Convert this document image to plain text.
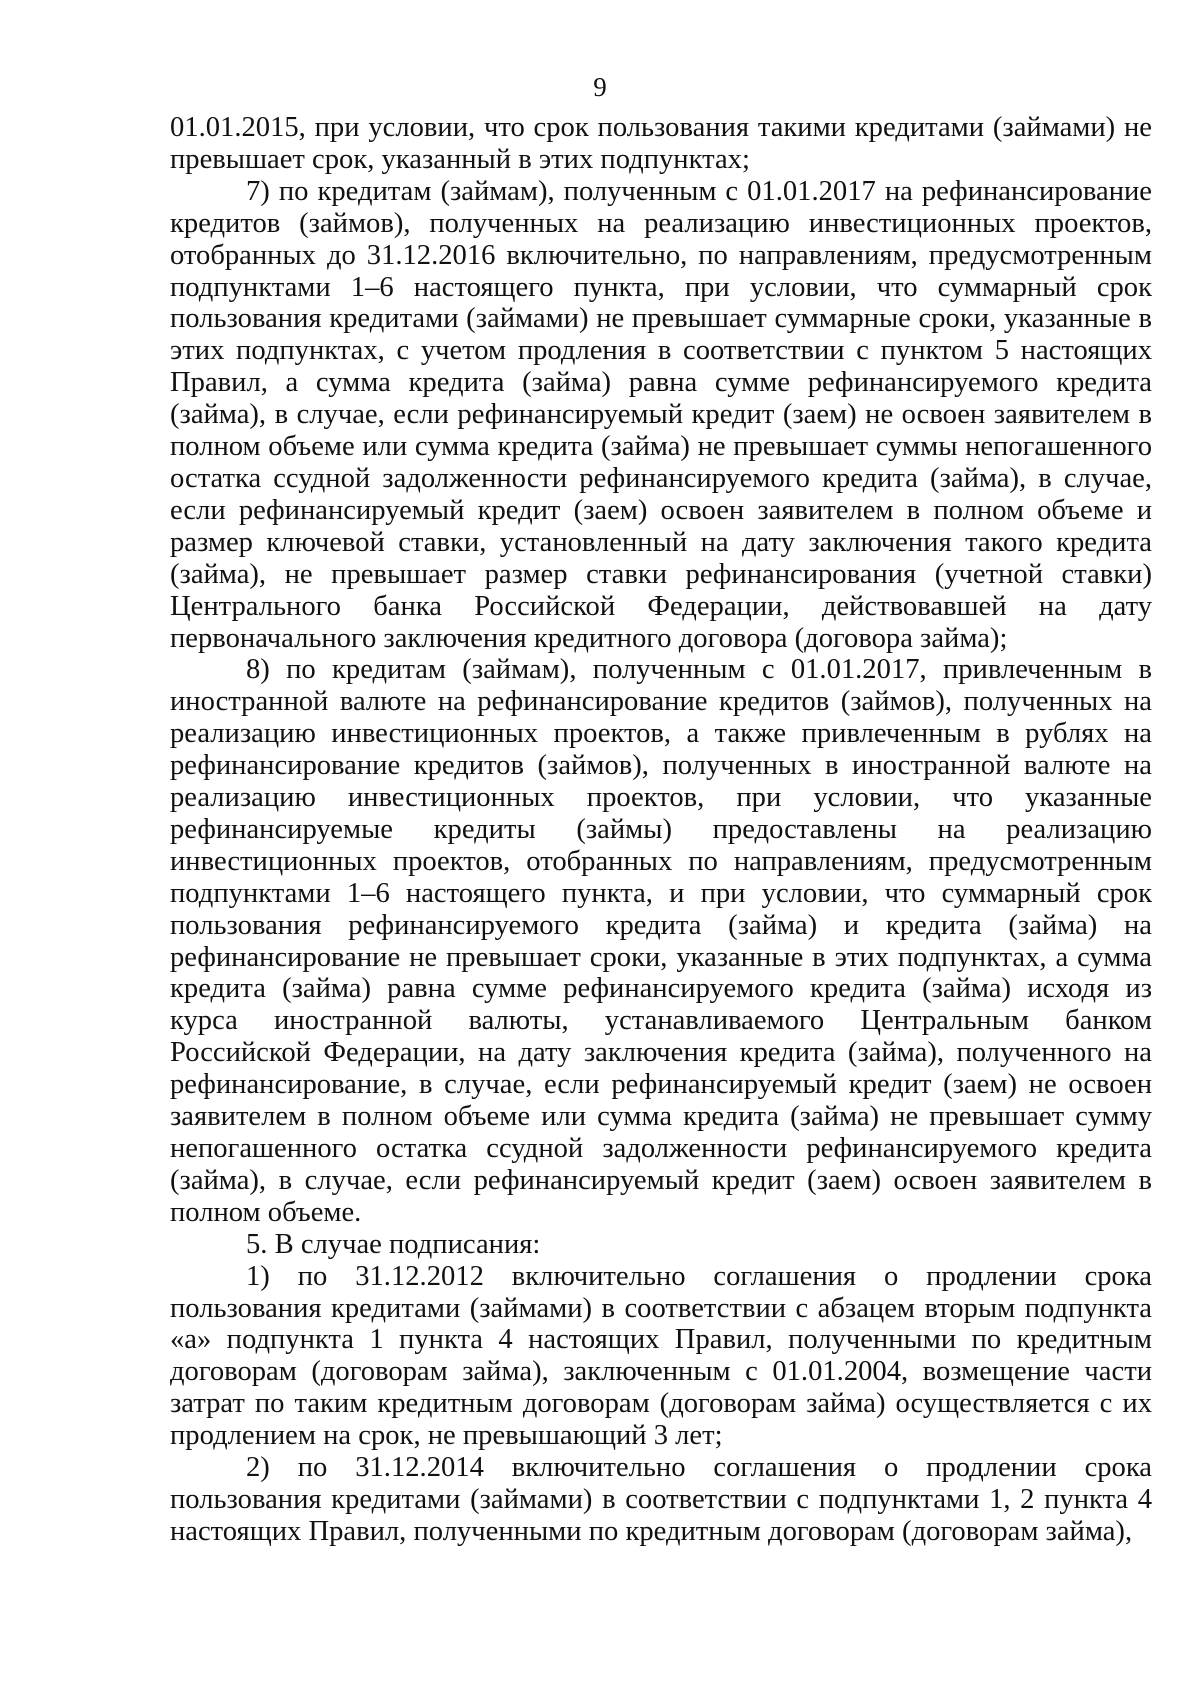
9

01.01.2015, при условии, что срок пользования такими кредитами (займами) не превышает срок, указанный в этих подпунктах;

7) по кредитам (займам), полученным с 01.01.2017 на рефинансирование кредитов (займов), полученных на реализацию инвестиционных проектов, отобранных до 31.12.2016 включительно, по направлениям, предусмотренным подпунктами 1–6 настоящего пункта, при условии, что суммарный срок пользования кредитами (займами) не превышает суммарные сроки, указанные в этих подпунктах, с учетом продления в соответствии с пунктом 5 настоящих Правил, а сумма кредита (займа) равна сумме рефинансируемого кредита (займа), в случае, если рефинансируемый кредит (заем) не освоен заявителем в полном объеме или сумма кредита (займа) не превышает суммы непогашенного остатка ссудной задолженности рефинансируемого кредита (займа), в случае, если рефинансируемый кредит (заем) освоен заявителем в полном объеме и размер ключевой ставки, установленный на дату заключения такого кредита (займа), не превышает размер ставки рефинансирования (учетной ставки) Центрального банка Российской Федерации, действовавшей на дату первоначального заключения кредитного договора (договора займа);

8) по кредитам (займам), полученным с 01.01.2017, привлеченным в иностранной валюте на рефинансирование кредитов (займов), полученных на реализацию инвестиционных проектов, а также привлеченным в рублях на рефинансирование кредитов (займов), полученных в иностранной валюте на реализацию инвестиционных проектов, при условии, что указанные рефинансируемые кредиты (займы) предоставлены на реализацию инвестиционных проектов, отобранных по направлениям, предусмотренным подпунктами 1–6 настоящего пункта, и при условии, что суммарный срок пользования рефинансируемого кредита (займа) и кредита (займа) на рефинансирование не превышает сроки, указанные в этих подпунктах, а сумма кредита (займа) равна сумме рефинансируемого кредита (займа) исходя из курса иностранной валюты, устанавливаемого Центральным банком Российской Федерации, на дату заключения кредита (займа), полученного на рефинансирование, в случае, если рефинансируемый кредит (заем) не освоен заявителем в полном объеме или сумма кредита (займа) не превышает сумму непогашенного остатка ссудной задолженности рефинансируемого кредита (займа), в случае, если рефинансируемый кредит (заем) освоен заявителем в полном объеме.

5. В случае подписания:

1) по 31.12.2012 включительно соглашения о продлении срока пользования кредитами (займами) в соответствии с абзацем вторым подпункта «а» подпункта 1 пункта 4 настоящих Правил, полученными по кредитным договорам (договорам займа), заключенным с 01.01.2004, возмещение части затрат по таким кредитным договорам (договорам займа) осуществляется с их продлением на срок, не превышающий 3 лет;

2) по 31.12.2014 включительно соглашения о продлении срока пользования кредитами (займами) в соответствии с подпунктами 1, 2 пункта 4 настоящих Правил, полученными по кредитным договорам (договорам займа),
